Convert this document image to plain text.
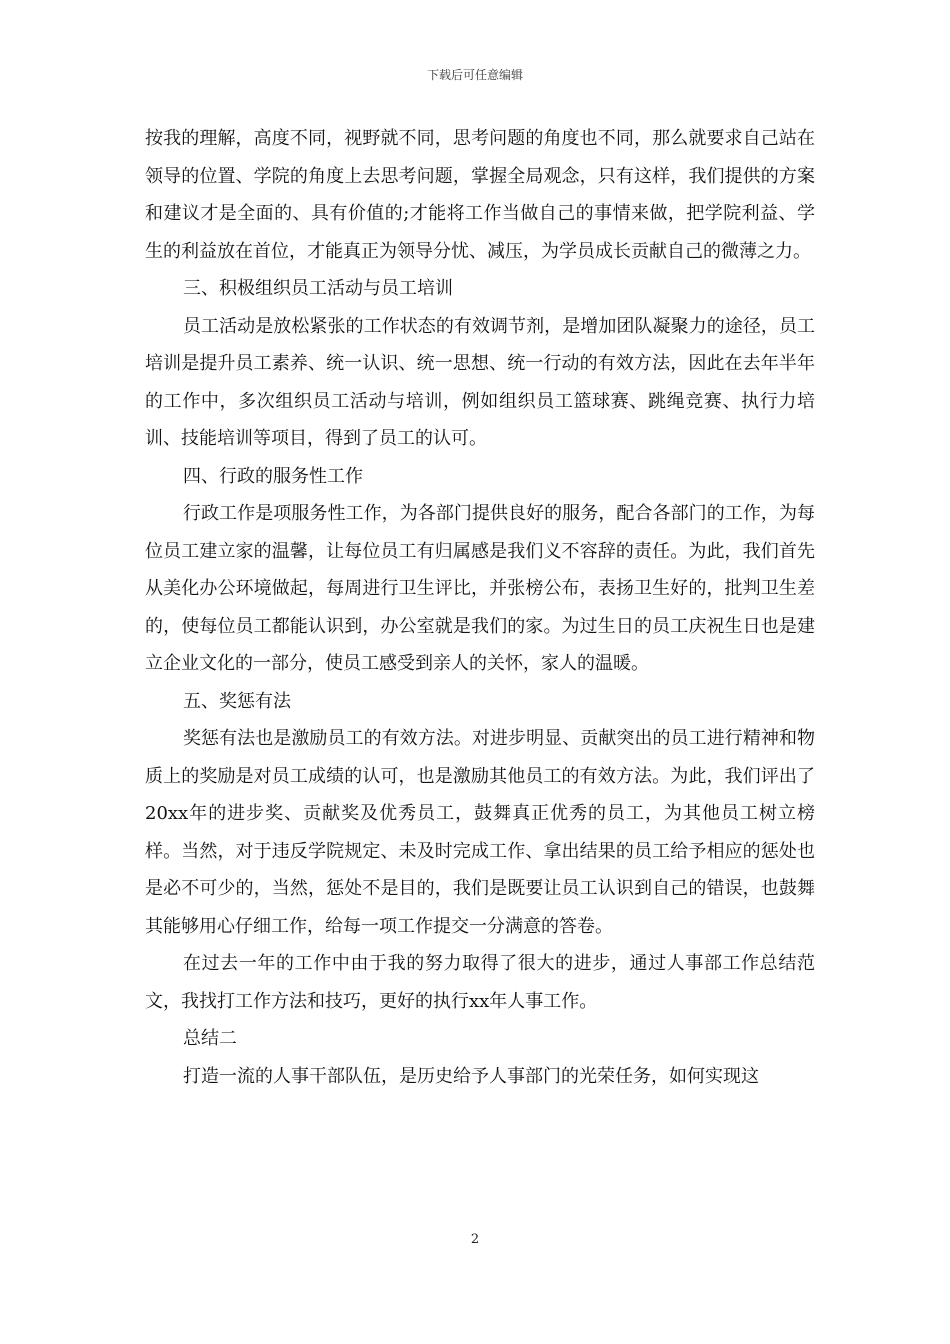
下载后可任意编辑

按我的理解，高度不同，视野就不同，思考问题的角度也不同，那么就要求自己站在领导的位置、学院的角度上去思考问题，掌握全局观念，只有这样，我们提供的方案和建议才是全面的、具有价值的;才能将工作当做自己的事情来做，把学院利益、学生的利益放在首位，才能真正为领导分忧、减压，为学员成长贡献自己的微薄之力。

三、积极组织员工活动与员工培训

员工活动是放松紧张的工作状态的有效调节剂，是增加团队凝聚力的途径，员工培训是提升员工素养、统一认识、统一思想、统一行动的有效方法，因此在去年半年的工作中，多次组织员工活动与培训，例如组织员工篮球赛、跳绳竞赛、执行力培训、技能培训等项目，得到了员工的认可。

四、行政的服务性工作

行政工作是项服务性工作，为各部门提供良好的服务，配合各部门的工作，为每位员工建立家的温馨，让每位员工有归属感是我们义不容辞的责任。为此，我们首先从美化办公环境做起，每周进行卫生评比，并张榜公布，表扬卫生好的，批判卫生差的，使每位员工都能认识到，办公室就是我们的家。为过生日的员工庆祝生日也是建立企业文化的一部分，使员工感受到亲人的关怀，家人的温暖。

五、奖惩有法

奖惩有法也是激励员工的有效方法。对进步明显、贡献突出的员工进行精神和物质上的奖励是对员工成绩的认可，也是激励其他员工的有效方法。为此，我们评出了20xx年的进步奖、贡献奖及优秀员工，鼓舞真正优秀的员工，为其他员工树立榜样。当然，对于违反学院规定、未及时完成工作、拿出结果的员工给予相应的惩处也是必不可少的，当然，惩处不是目的，我们是既要让员工认识到自己的错误，也鼓舞其能够用心仔细工作，给每一项工作提交一分满意的答卷。

在过去一年的工作中由于我的努力取得了很大的进步，通过人事部工作总结范文，我找打工作方法和技巧，更好的执行xx年人事工作。

总结二

打造一流的人事干部队伍，是历史给予人事部门的光荣任务，如何实现这

2
